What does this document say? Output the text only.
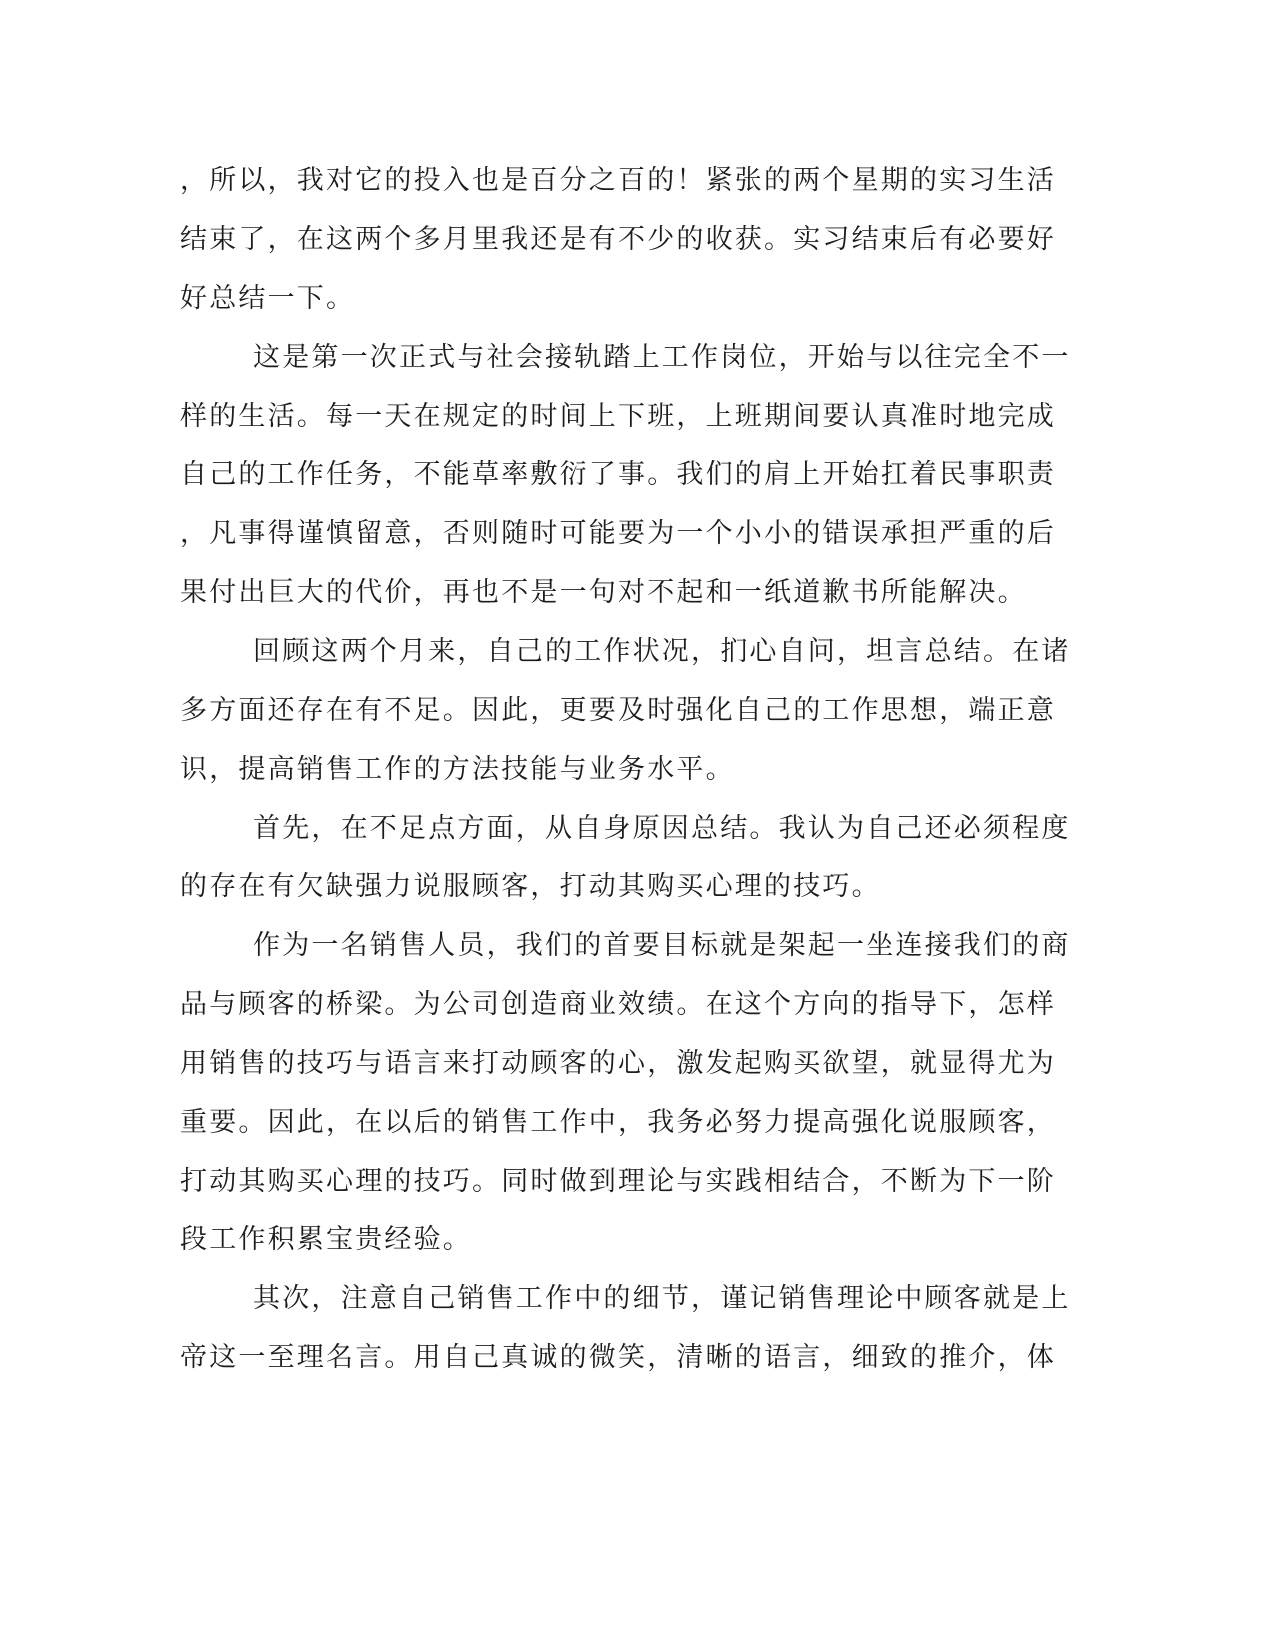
，所以，我对它的投入也是百分之百的！紧张的两个星期的实习生活

结束了，在这两个多月里我还是有不少的收获。实习结束后有必要好

好总结一下。

这是第一次正式与社会接轨踏上工作岗位，开始与以往完全不一

样的生活。每一天在规定的时间上下班，上班期间要认真准时地完成

自己的工作任务，不能草率敷衍了事。我们的肩上开始扛着民事职责

，凡事得谨慎留意，否则随时可能要为一个小小的错误承担严重的后

果付出巨大的代价，再也不是一句对不起和一纸道歉书所能解决。

回顾这两个月来，自己的工作状况，扪心自问，坦言总结。在诸

多方面还存在有不足。因此，更要及时强化自己的工作思想，端正意

识，提高销售工作的方法技能与业务水平。

首先，在不足点方面，从自身原因总结。我认为自己还必须程度

的存在有欠缺强力说服顾客，打动其购买心理的技巧。

作为一名销售人员，我们的首要目标就是架起一坐连接我们的商

品与顾客的桥梁。为公司创造商业效绩。在这个方向的指导下，怎样

用销售的技巧与语言来打动顾客的心，激发起购买欲望，就显得尤为

重要。因此，在以后的销售工作中，我务必努力提高强化说服顾客，

打动其购买心理的技巧。同时做到理论与实践相结合，不断为下一阶

段工作积累宝贵经验。

其次，注意自己销售工作中的细节，谨记销售理论中顾客就是上

帝这一至理名言。用自己真诚的微笑，清晰的语言，细致的推介，体
